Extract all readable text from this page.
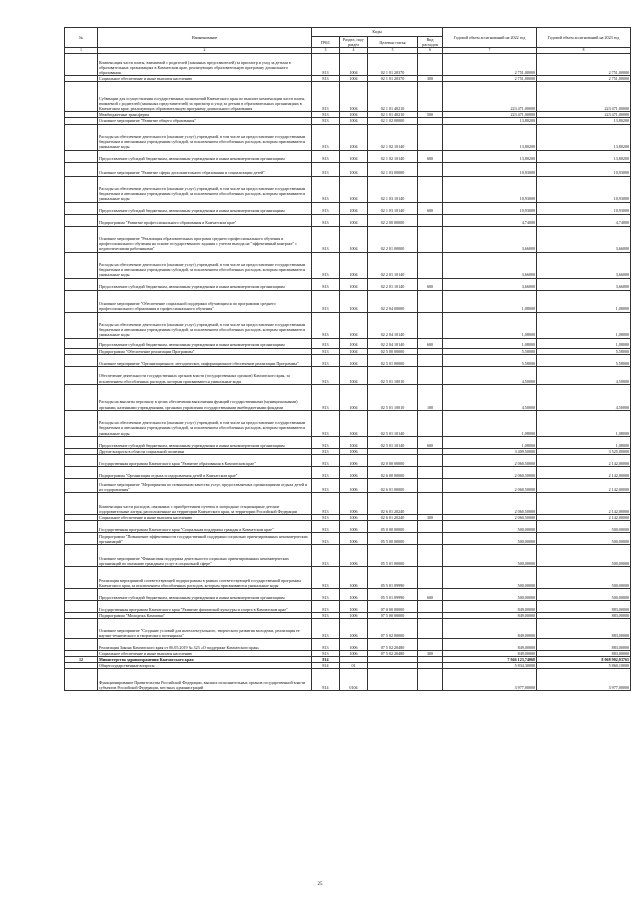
№	Наименование	Коды				Годовой объем ассигнований на 2022 год	Годовой объем ассигнований на 2023 год
		ГРБС	Раздел, под-раздел	Целевая статья	Вид расходов		
1	2	3	4	5	6	7	8
	Компенсация части платы, взимаемой с родителей (законных представителей) за присмотр и уход за детьми в образовательных организациях в Камчатском крае, реализующих образовательную программу дошкольного образования	813	1004	02 1 01 20370		2 751,00000	2 751,00000
	Социальное обеспечение и иные выплаты населению	813	1004	02 1 01 20370	300	2 751,00000	2 751,00000
	Субвенции для осуществления государственных полномочий Камчатского края по выплате компенсации части платы, взимаемой с родителей (законных представителей) за присмотр и уход за детьми в образовательных организациях в Камчатском крае, реализующих образовательную программу дошкольного образования	813	1004	02 1 01 40210		223 471,00000	223 471,00000
	Межбюджетные трансферты	813	1004	02 1 01 40210	500	223 471,00000	223 471,00000
	Основное мероприятие "Развитие общего образования"	813	1004	02 1 02 00000		13,80200	13,80200
	Расходы на обеспечение деятельности (оказание услуг) учреждений, в том числе на предоставление государственным бюджетным и автономным учреждениям субсидий, за исключением обособленных расходов, которым присваиваются уникальные коды	813	1004	02 1 02 10140		13,80200	13,80200
	Предоставление субсидий бюджетным, автономным учреждениям и иным некоммерческим организациям	813	1004	02 1 02 10140	600	13,80200	13,80200
	Основное мероприятие "Развитие сферы дополнительного образования и социализации детей"	813	1004	02 1 03 00000		10,93000	10,93000
	Расходы на обеспечение деятельности (оказание услуг) учреждений, в том числе на предоставление государственным бюджетным и автономным учреждениям субсидий, за исключением обособленных расходов, которым присваиваются уникальные коды	813	1004	02 1 03 10140		10,93000	10,93000
	Предоставление субсидий бюджетным, автономным учреждениям и иным некоммерческим организациям	813	1004	02 1 03 10140	600	10,93000	10,93000
	Подпрограмма "Развитие профессионального образования в Камчатском крае"	813	1004	02 2 00 00000		4,74000	4,74000
	Основное мероприятие "Реализация образовательных программ среднего профессионального обучения и профессионального обучения на основе государственного задания с учетом выхода на "эффективный контракт" с педагогическими работниками"	813	1004	02 2 01 00000		3,66000	3,66000
	Расходы на обеспечение деятельности (оказание услуг) учреждений, в том числе на предоставление государственным бюджетным и автономным учреждениям субсидий, за исключением обособленных расходов, которым присваиваются уникальные коды	813	1004	02 2 01 10140		3,66000	3,66000
	Предоставление субсидий бюджетным, автономным учреждениям и иным некоммерческим организациям	813	1004	02 2 01 10140	600	3,66000	3,66000
	Основное мероприятие "Обеспечение социальной поддержки обучающихся по программам среднего профессионального образования и профессионального обучения"	813	1004	02 2 04 00000		1,08000	1,08000
	Расходы на обеспечение деятельности (оказание услуг) учреждений, в том числе на предоставление государственным бюджетным и автономным учреждениям субсидий, за исключением обособленных расходов, которым присваиваются уникальные коды	813	1004	02 2 04 10140		1,08000	1,08000
	Предоставление субсидий бюджетным, автономным учреждениям и иным некоммерческим организациям	813	1004	02 2 04 10140	600	1,08000	1,08000
	Подпрограмма "Обеспечение реализации Программы"	813	1004	02 5 00 00000		5,58000	5,58000
	Основное мероприятие "Организационное, методическое, информационное обеспечение реализации Программы"	813	1004	02 5 01 00000		5,58000	5,58000
	Обеспечение деятельности государственных органов власти (государственных органов) Камчатского края, за исключением обособленных расходов, которым присваиваются уникальные коды	813	1004	02 5 01 10010		4,50000	4,50000
	Расходы на выплаты персоналу в целях обеспечения выполнения функций государственными (муниципальными) органами, казенными учреждениями, органами управления государственными внебюджетными фондами	813	1004	02 5 01 10010	100	4,50000	4,50000
	Расходы на обеспечение деятельности (оказание услуг) учреждений, в том числе на предоставление государственным бюджетным и автономным учреждениям субсидий, за исключением обособленных расходов, которым присваиваются уникальные коды	813	1004	02 5 01 10140		1,08000	1,08000
	Предоставление субсидий бюджетным, автономным учреждениям и иным некоммерческим организациям	813	1004	02 5 01 10140	600	1,08000	1,08000
	Другие вопросы в области социальной политики	813	1006			3 409,50000	3 525,00000
	Государственная программа Камчатского края "Развитие образования в Камчатском крае"	813	1006	02 0 00 00000		2 060,50000	2 142,00000
	Подпрограмма "Организация отдыха и оздоровления детей в Камчатском крае"	813	1006	02 6 00 00000		2 060,50000	2 142,00000
	Основное мероприятие "Мероприятия по повышению качества услуг, предоставляемых организациями отдыха детей и их оздоровления"	813	1006	02 6 01 00000		2 060,50000	2 142,00000
	Компенсация части расходов, связанных с приобретением путевок в загородные стационарные детские оздоровительные лагеря, расположенные на территории Камчатского края, за территории Российской Федерации	813	1006	02 6 01 20240		2 060,50000	2 142,00000
	Социальное обеспечение и иные выплаты населению	813	1006	02 6 01 20240	300	2 060,50000	2 142,00000
	Государственная программа Камчатского края "Социальная поддержка граждан в Камчатском крае"	813	1006	05 0 00 00000		500,00000	500,00000
	Подпрограмма "Повышение эффективности государственной поддержки социально ориентированных некоммерческих организаций"	813	1006	05 5 00 00000		500,00000	500,00000
	Основное мероприятие "Финансовая поддержка деятельности социально ориентированных некоммерческих организаций по оказанию гражданам услуг в социальной сфере"	813	1006	05 5 01 00000		500,00000	500,00000
	Реализация мероприятий соответствующей подпрограммы в рамках соответствующей государственной программы Камчатского края, за исключением обособленных расходов, которым присваиваются уникальные коды	813	1006	05 5 01 09990		500,00000	500,00000
	Предоставление субсидий бюджетным, автономным учреждениям и иным некоммерческим организациям	813	1006	05 5 01 09990	600	500,00000	500,00000
	Государственная программа Камчатского края "Развитие физической культуры и спорта в Камчатском крае"	813	1006	07 0 00 00000		849,00000	883,00000
	Подпрограмма "Молодежь Камчатки"	813	1006	07 5 00 00000		849,00000	883,00000
	Основное мероприятие "Создание условий для интеллектуального, творческого развития молодежи, реализация ее научно-технического и творческого потенциала"	813	1006	07 5 02 00000		849,00000	883,00000
	Реализация Закона Камчатского края от 06.05.2019 № 323 «О поддержке Камчатского края»	813	1006	07 5 02 20480		849,00000	883,00000
	Социальное обеспечение и иные выплаты населению	813	1006	07 5 02 20480	300	849,00000	883,00000
12	Министерство здравоохранения Камчатского края	814				7 946 123,74068	8 068 902,03765
	Общегосударственные вопросы	814	01			5 834,30000	5 860,10000
	Функционирование Правительства Российской Федерации, высших исполнительных органов государственной власти субъектов Российской Федерации, местных администраций	814	0104			3 977,00000	3 977,00000
25
